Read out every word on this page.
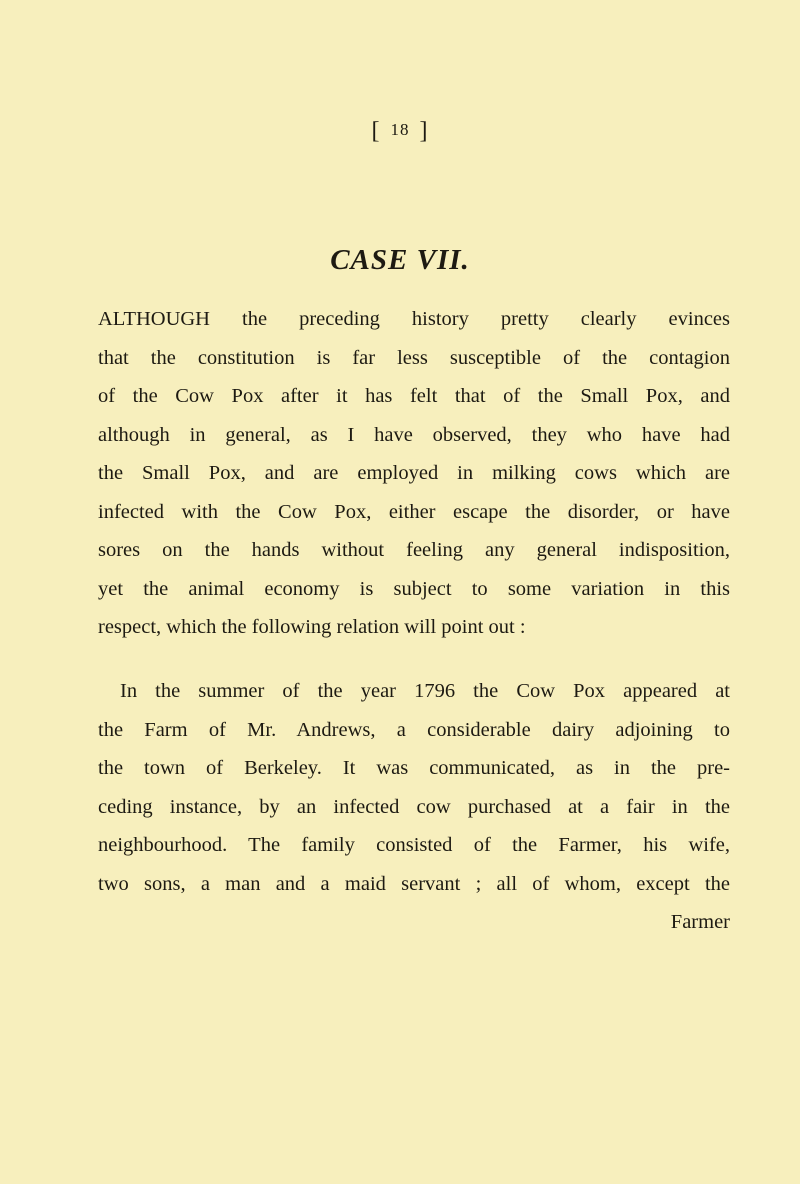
[ 18 ]
CASE VII.
ALTHOUGH the preceding history pretty clearly evinces
that the constitution is far less susceptible of the contagion
of the Cow Pox after it has felt that of the Small Pox, and
although in general, as I have observed, they who have had
the Small Pox, and are employed in milking cows which are
infected with the Cow Pox, either escape the disorder, or have
sores on the hands without feeling any general indisposition,
yet the animal economy is subject to some variation in this
respect, which the following relation will point out :
In the summer of the year 1796 the Cow Pox appeared at
the Farm of Mr. Andrews, a considerable dairy adjoining to
the town of Berkeley. It was communicated, as in the pre-
ceding instance, by an infected cow purchased at a fair in the
neighbourhood. The family consisted of the Farmer, his wife,
two sons, a man and a maid servant ; all of whom, except the
Farmer
